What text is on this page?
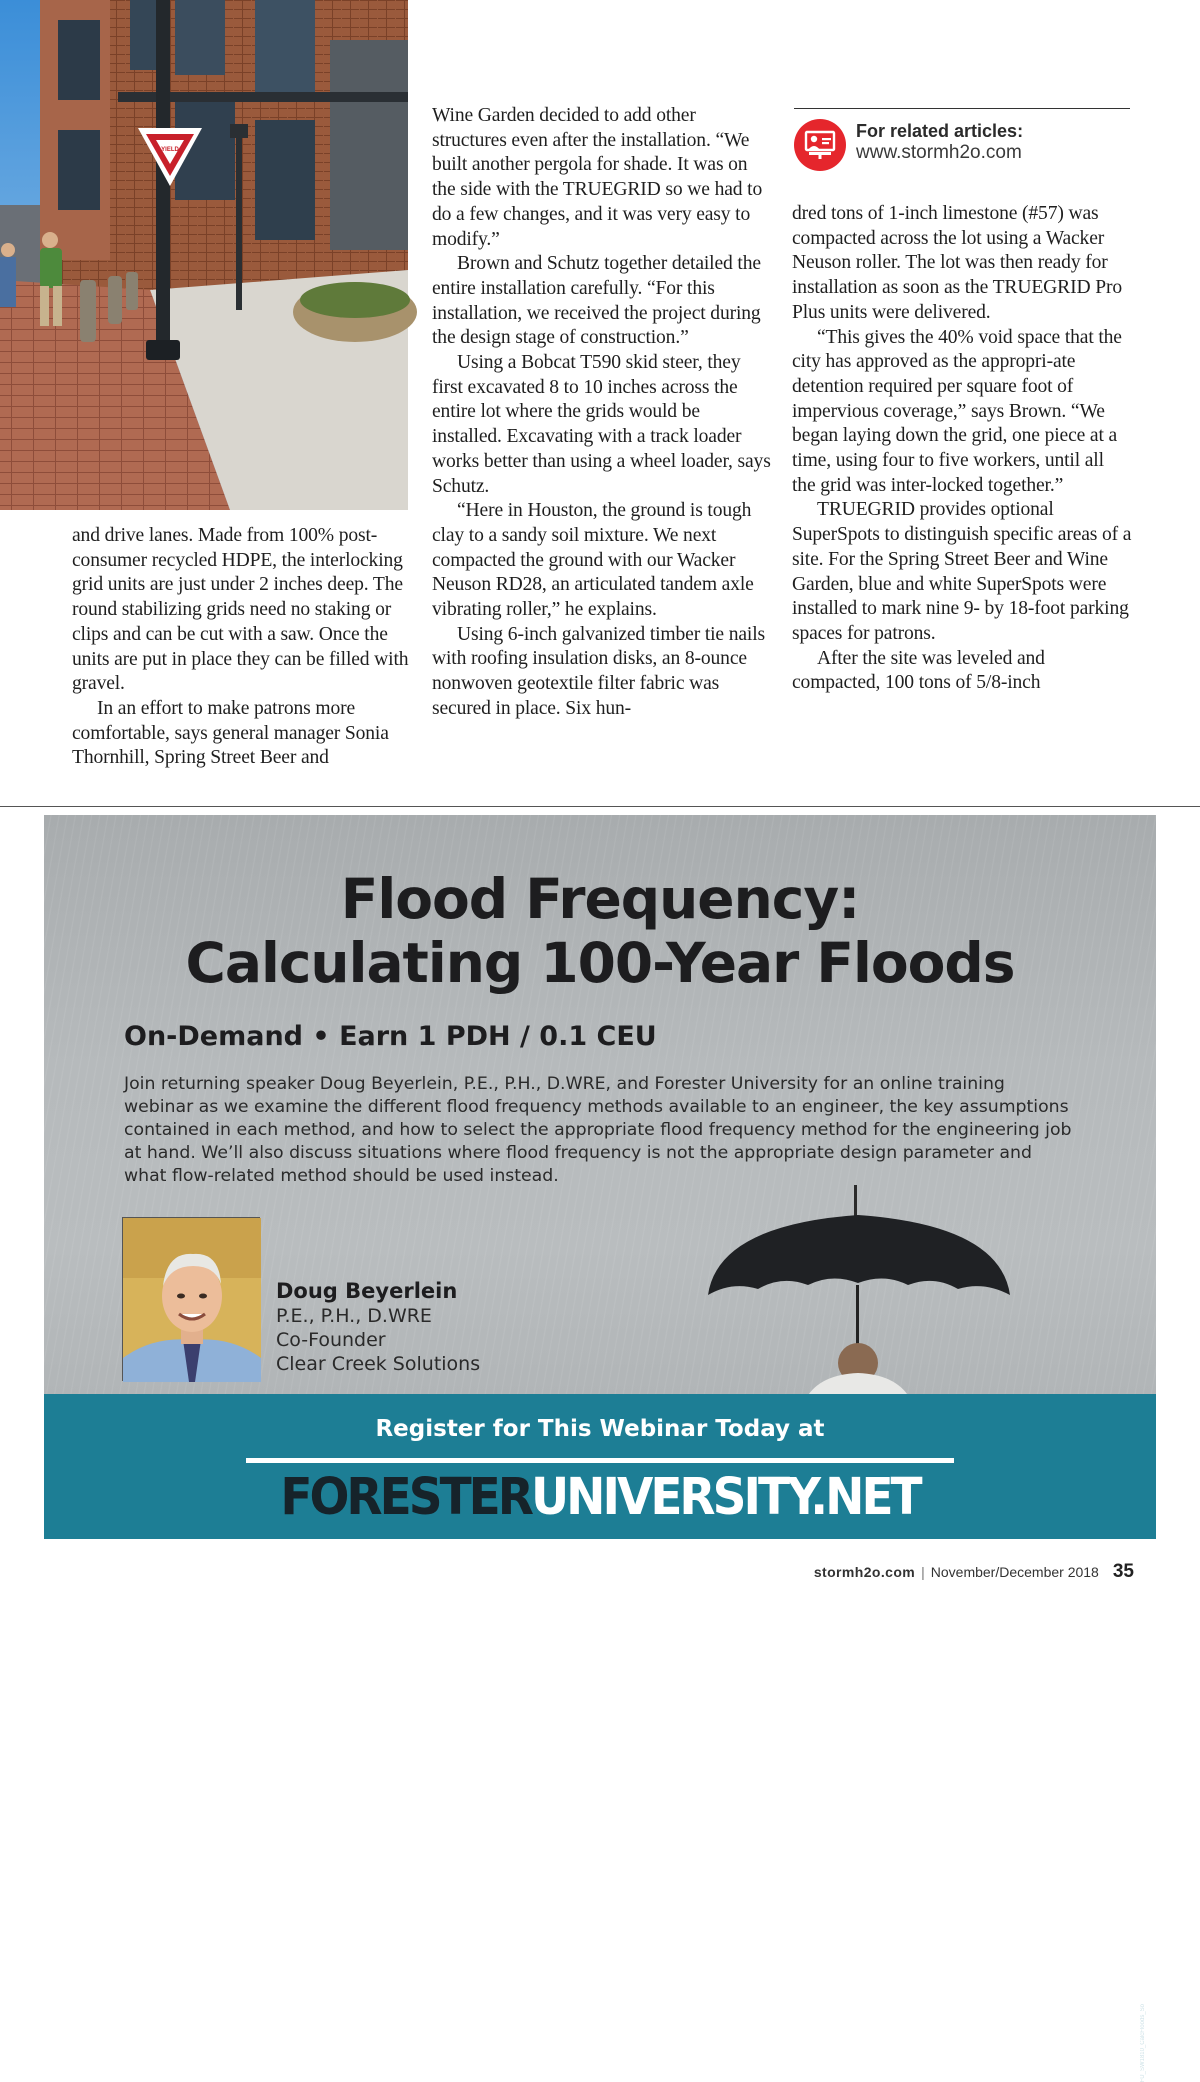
YIELD
For related articles:
www.stormh2o.com

and drive lanes. Made from 100% post-consumer recycled HDPE, the interlocking grid units are just under 2 inches deep. The round stabilizing grids need no staking or clips and can be cut with a saw. Once the units are put in place they can be filled with gravel.

In an effort to make patrons more comfortable, says general manager Sonia Thornhill, Spring Street Beer and

Wine Garden decided to add other structures even after the installation. “We built another pergola for shade. It was on the side with the TRUEGRID so we had to do a few changes, and it was very easy to modify.”

Brown and Schutz together detailed the entire installation carefully. “For this installation, we received the project during the design stage of construction.”

Using a Bobcat T590 skid steer, they first excavated 8 to 10 inches across the entire lot where the grids would be installed. Excavating with a track loader works better than using a wheel loader, says Schutz.

“Here in Houston, the ground is tough clay to a sandy soil mixture. We next compacted the ground with our Wacker Neuson RD28, an articulated tandem axle vibrating roller,” he explains.

Using 6-inch galvanized timber tie nails with roofing insulation disks, an 8-ounce nonwoven geotextile filter fabric was secured in place. Six hun-

dred tons of 1-inch limestone (#57) was compacted across the lot using a Wacker Neuson roller. The lot was then ready for installation as soon as the TRUEGRID Pro Plus units were delivered.

“This gives the 40% void space that the city has approved as the appropri-ate detention required per square foot of impervious coverage,” says Brown. “We began laying down the grid, one piece at a time, using four to five workers, until all the grid was inter-locked together.”

TRUEGRID provides optional SuperSpots to distinguish specific areas of a site. For the Spring Street Beer and Wine Garden, blue and white SuperSpots were installed to mark nine 9- by 18-foot parking spaces for patrons.

After the site was leveled and compacted, 100 tons of 5/8-inch

Flood Frequency:
Calculating 100-Year Floods
On-Demand • Earn 1 PDH / 0.1 CEU
Join returning speaker Doug Beyerlein, P.E., P.H., D.WRE, and Forester University for an online training webinar as we examine the different flood frequency methods available to an engineer, the key assumptions contained in each method, and how to select the appropriate flood frequency method for the engineering job at hand. We’ll also discuss situations where flood frequency is not the appropriate design parameter and what flow-related method should be used instead.
Doug Beyerlein
P.E., P.H., D.WRE
Co-Founder
Clear Creek Solutions
Register for This Webinar Today at
FORESTERUNIVERSITY.NET
FU_SW1810_CalcFloods_So
stormh2o.com | November/December 2018 35
